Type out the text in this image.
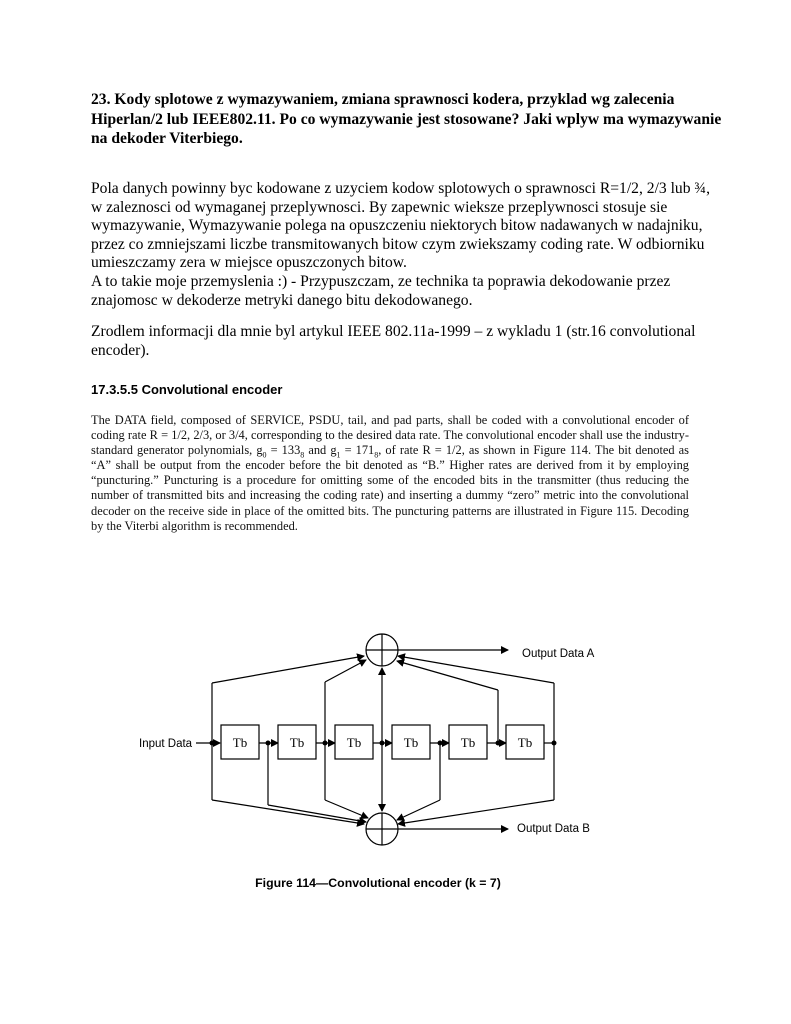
23. Kody splotowe z wymazywaniem, zmiana sprawnosci kodera, przyklad wg zalecenia Hiperlan/2 lub IEEE802.11. Po co wymazywanie jest stosowane? Jaki wplyw ma wymazywanie na dekoder Viterbiego.
Pola danych powinny byc kodowane z uzyciem kodow splotowych o sprawnosci R=1/2, 2/3 lub ¾, w zaleznosci od wymaganej przeplywnosci. By zapewnic wieksze przeplywnosci stosuje sie wymazywanie, Wymazywanie polega na opuszczeniu niektorych bitow nadawanych w nadajniku, przez co zmniejszami liczbe transmitowanych bitow czym zwiekszamy coding rate. W odbiorniku umieszczamy zera w miejsce opuszczonych bitow.
A to takie moje przemyslenia :) - Przypuszczam, ze technika ta poprawia dekodowanie przez znajomosc w dekoderze metryki danego bitu dekodowanego.
Zrodlem informacji dla mnie byl artykul IEEE 802.11a-1999 – z wykladu 1 (str.16 convolutional encoder).
17.3.5.5 Convolutional encoder
The DATA field, composed of SERVICE, PSDU, tail, and pad parts, shall be coded with a convolutional encoder of coding rate R = 1/2, 2/3, or 3/4, corresponding to the desired data rate. The convolutional encoder shall use the industry-standard generator polynomials, $g_0 = 133_8$ and $g_1 = 171_8$, of rate R = 1/2, as shown in Figure 114. The bit denoted as “A” shall be output from the encoder before the bit denoted as “B.” Higher rates are derived from it by employing “puncturing.” Puncturing is a procedure for omitting some of the encoded bits in the transmitter (thus reducing the number of transmitted bits and increasing the coding rate) and inserting a dummy “zero” metric into the convolutional decoder on the receive side in place of the omitted bits. The puncturing patterns are illustrated in Figure 115. Decoding by the Viterbi algorithm is recommended.
Tb	Tb	Tb	Tb	Tb	Tb
Input Data
Output Data A
Output Data B
Figure 114—Convolutional encoder (k = 7)
